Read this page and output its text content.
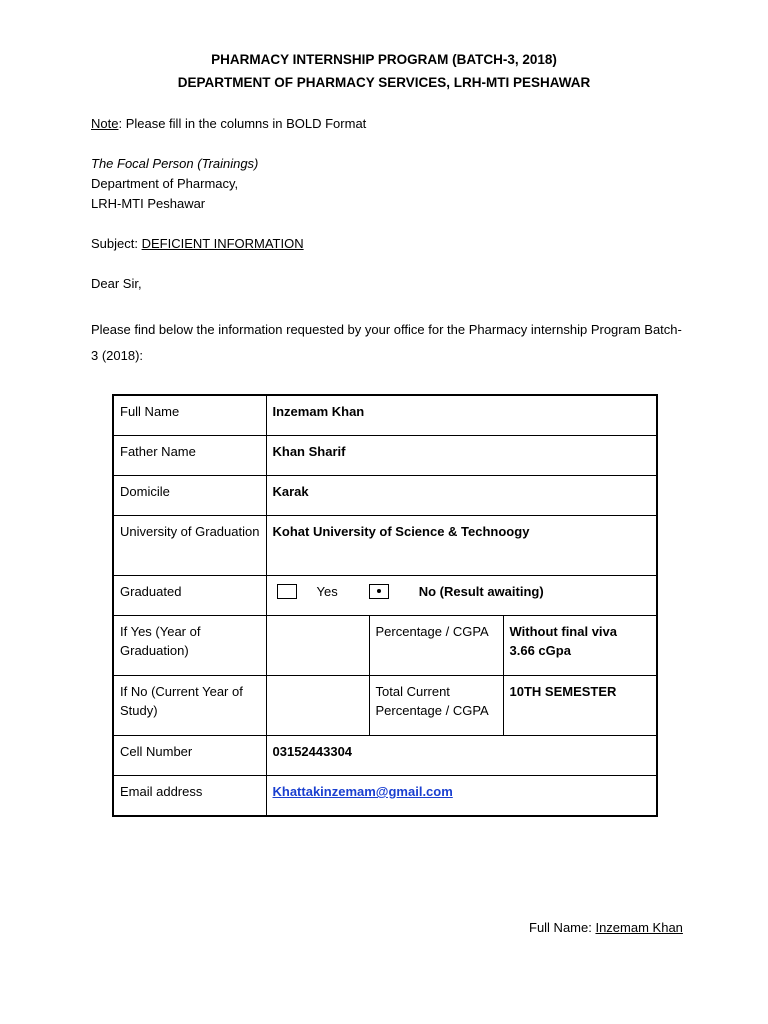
PHARMACY INTERNSHIP PROGRAM (BATCH-3, 2018)
DEPARTMENT OF PHARMACY SERVICES, LRH-MTI PESHAWAR
Note: Please fill in the columns in BOLD Format
The Focal Person (Trainings)
Department of Pharmacy,
LRH-MTI Peshawar
Subject: DEFICIENT INFORMATION
Dear Sir,
Please find below the information requested by your office for the Pharmacy internship Program Batch-
3 (2018):
Full Name	Inzemam Khan		
Father Name	Khan Sharif		
Domicile	Karak		
University of Graduation	Kohat University of Science & Technoogy		
Graduated	Yes No (Result awaiting)		

If Yes (Year of Graduation)		Percentage / CGPA	Without final viva
3.66 cGpa

If No (Current Year of Study)		Total Current Percentage / CGPA	10TH SEMESTER
Cell Number	03152443304		
Email address	Khattakinzemam@gmail.com		
Full Name: Inzemam Khan
